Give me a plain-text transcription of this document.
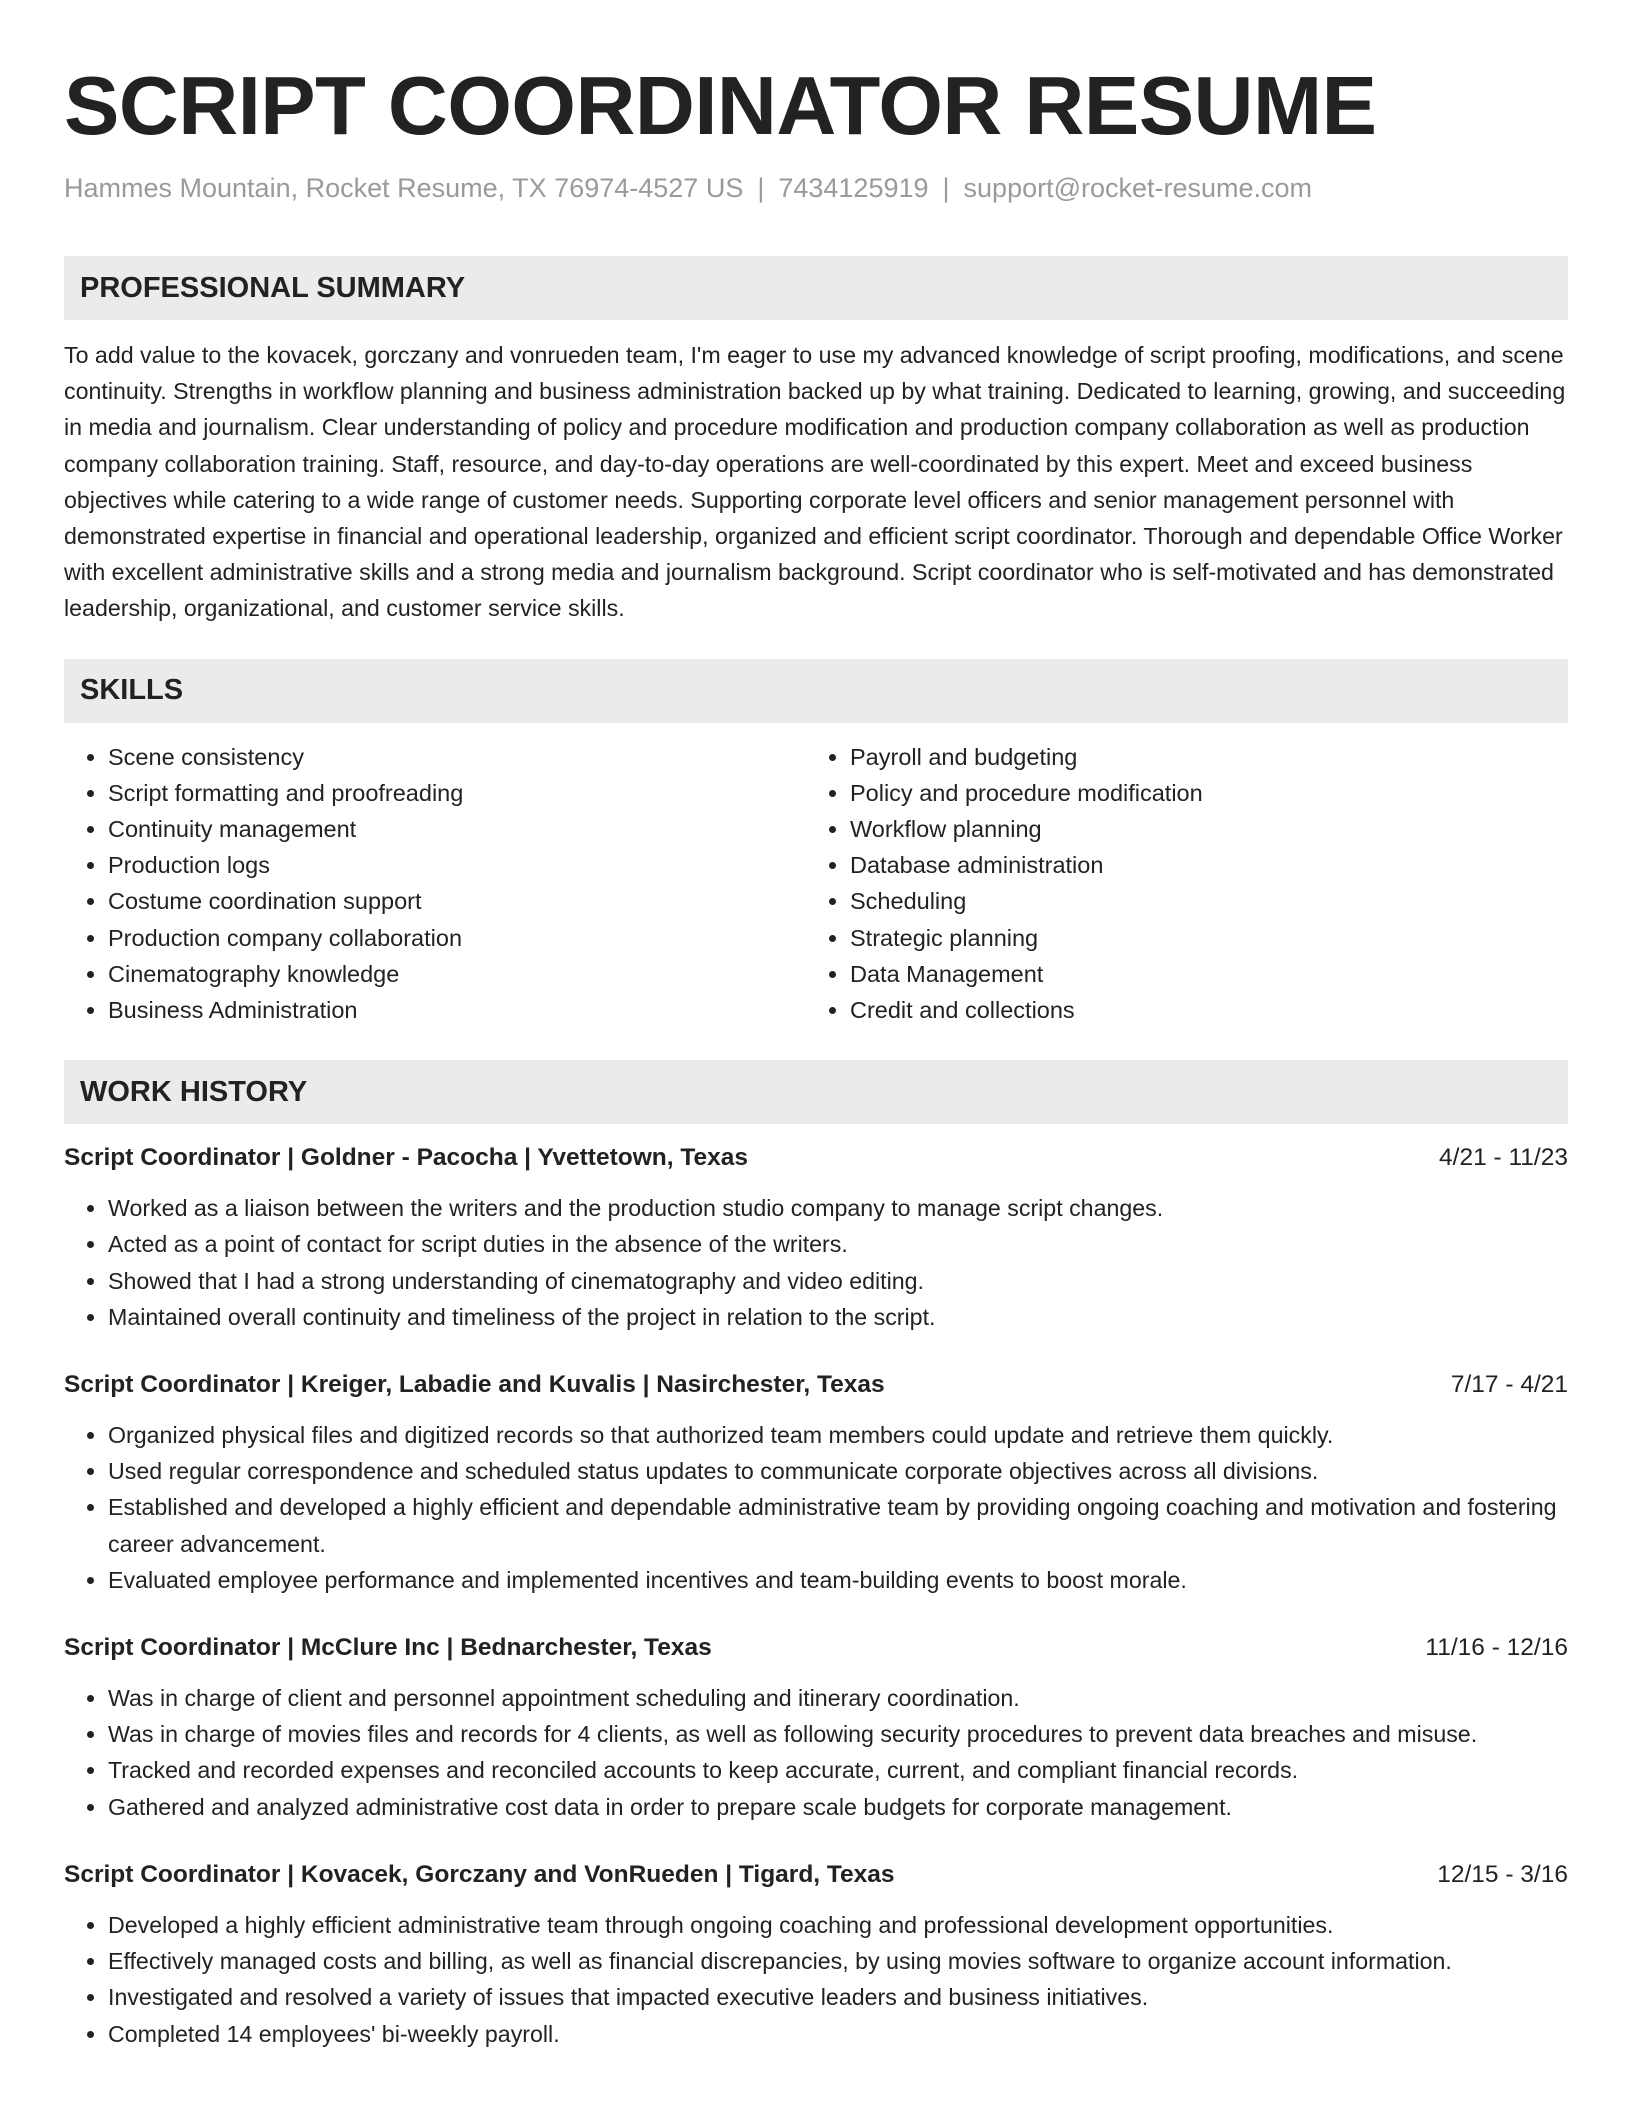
SCRIPT COORDINATOR RESUME
Hammes Mountain, Rocket Resume, TX 76974-4527 US | 7434125919 | support@rocket-resume.com
PROFESSIONAL SUMMARY

To add value to the kovacek, gorczany and vonrueden team, I'm eager to use my advanced knowledge of script proofing, modifications, and scene continuity. Strengths in workflow planning and business administration backed up by what training. Dedicated to learning, growing, and succeeding in media and journalism. Clear understanding of policy and procedure modification and production company collaboration as well as production company collaboration training. Staff, resource, and day-to-day operations are well-coordinated by this expert. Meet and exceed business objectives while catering to a wide range of customer needs. Supporting corporate level officers and senior management personnel with demonstrated expertise in financial and operational leadership, organized and efficient script coordinator. Thorough and dependable Office Worker with excellent administrative skills and a strong media and journalism background. Script coordinator who is self-motivated and has demonstrated leadership, organizational, and customer service skills.

SKILLS
• Scene consistency
• Script formatting and proofreading
• Continuity management
• Production logs
• Costume coordination support
• Production company collaboration
• Cinematography knowledge
• Business Administration
• Payroll and budgeting
• Policy and procedure modification
• Workflow planning
• Database administration
• Scheduling
• Strategic planning
• Data Management
• Credit and collections
WORK HISTORY
Script Coordinator | Goldner - Pacocha | Yvettetown, Texas	4/21 - 11/23
• Worked as a liaison between the writers and the production studio company to manage script changes.
• Acted as a point of contact for script duties in the absence of the writers.
• Showed that I had a strong understanding of cinematography and video editing.
• Maintained overall continuity and timeliness of the project in relation to the script.
Script Coordinator | Kreiger, Labadie and Kuvalis | Nasirchester, Texas	7/17 - 4/21
• Organized physical files and digitized records so that authorized team members could update and retrieve them quickly.
• Used regular correspondence and scheduled status updates to communicate corporate objectives across all divisions.
• Established and developed a highly efficient and dependable administrative team by providing ongoing coaching and motivation and fostering career advancement.
• Evaluated employee performance and implemented incentives and team-building events to boost morale.
Script Coordinator | McClure Inc | Bednarchester, Texas	11/16 - 12/16
• Was in charge of client and personnel appointment scheduling and itinerary coordination.
• Was in charge of movies files and records for 4 clients, as well as following security procedures to prevent data breaches and misuse.
• Tracked and recorded expenses and reconciled accounts to keep accurate, current, and compliant financial records.
• Gathered and analyzed administrative cost data in order to prepare scale budgets for corporate management.
Script Coordinator | Kovacek, Gorczany and VonRueden | Tigard, Texas	12/15 - 3/16
• Developed a highly efficient administrative team through ongoing coaching and professional development opportunities.
• Effectively managed costs and billing, as well as financial discrepancies, by using movies software to organize account information.
• Investigated and resolved a variety of issues that impacted executive leaders and business initiatives.
• Completed 14 employees' bi-weekly payroll.
